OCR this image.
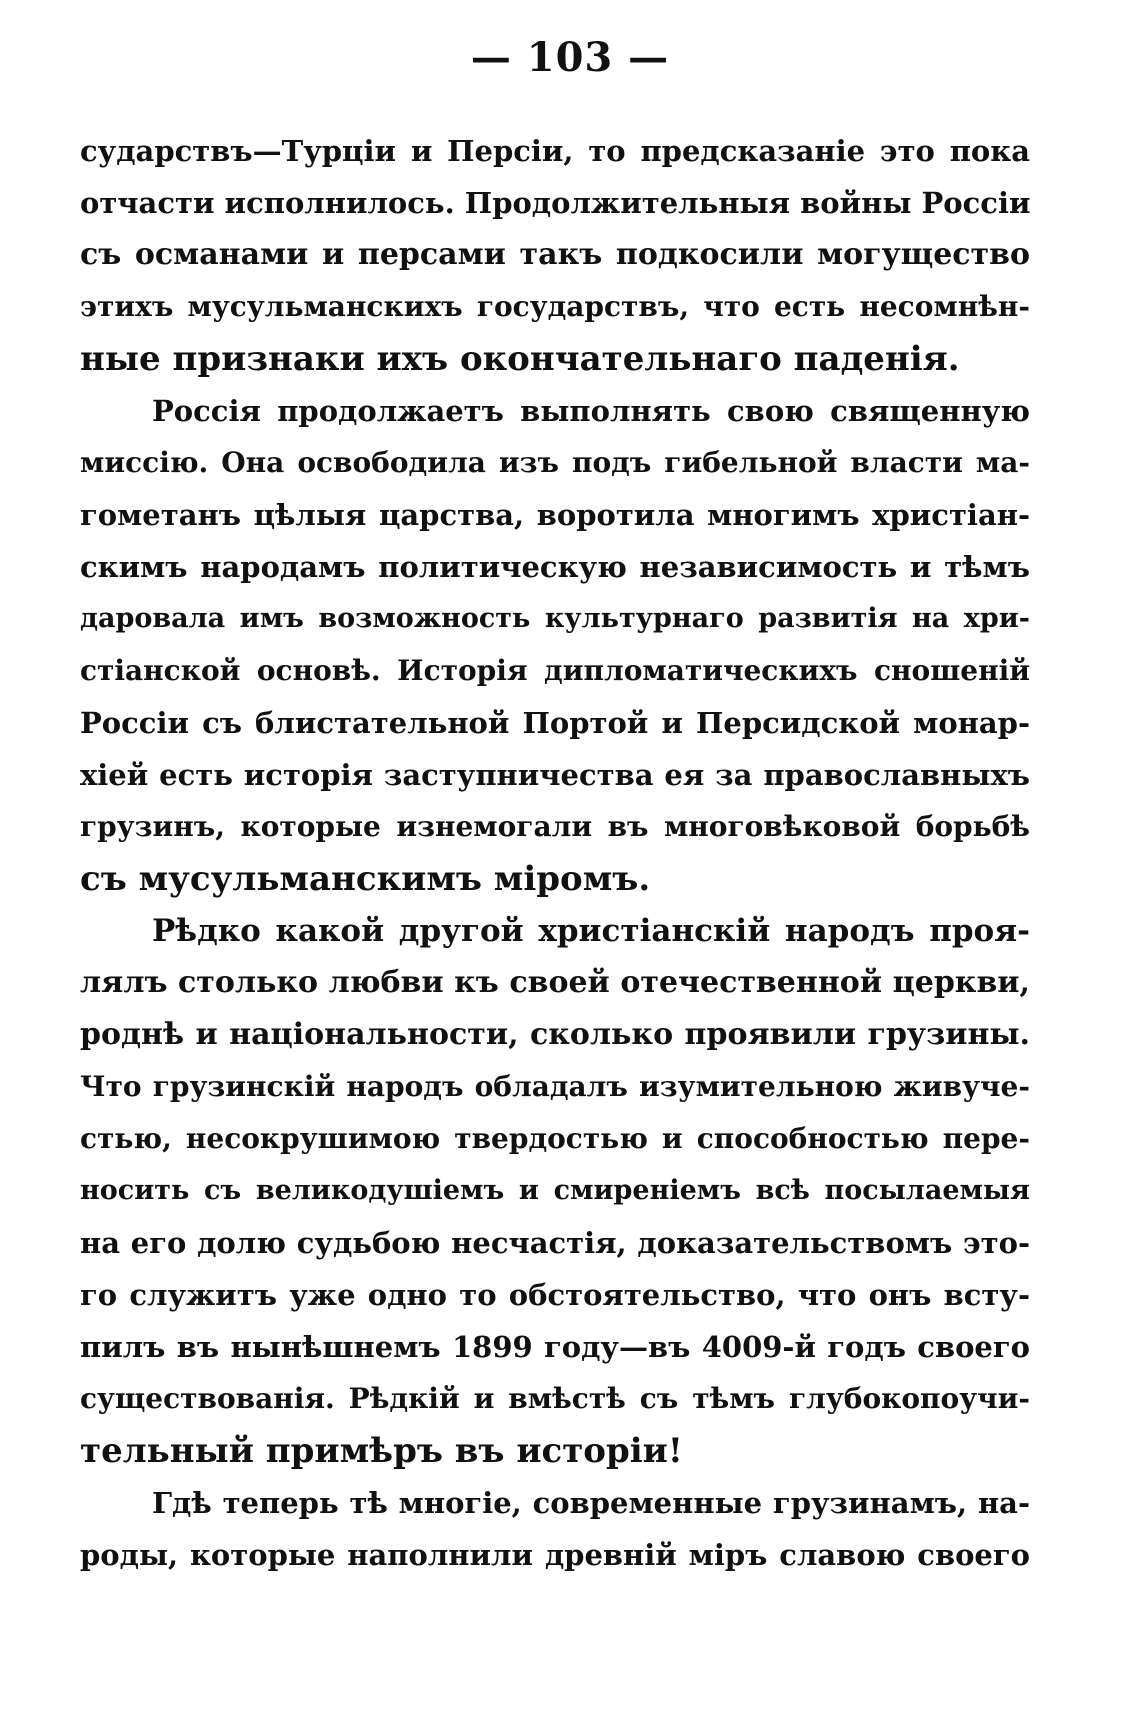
— 103 —
сударствъ—Турціи и Персіи, то предсказаніе это пока
отчасти исполнилось. Продолжительныя войны Россіи
съ османами и персами такъ подкосили могущество
этихъ мусульманскихъ государствъ, что есть несомнѣн-
ные признаки ихъ окончательнаго паденія.
Россія продолжаетъ выполнять свою священную
миссію. Она освободила изъ подъ гибельной власти ма-
гометанъ цѣлыя царства, воротила многимъ христіан-
скимъ народамъ политическую независимость и тѣмъ
даровала имъ возможность культурнаго развитія на хри-
стіанской основѣ. Исторія дипломатическихъ сношеній
Россіи съ блистательной Портой и Персидской монар-
хіей есть исторія заступничества ея за православныхъ
грузинъ, которые изнемогали въ многовѣковой борьбѣ
съ мусульманскимъ міромъ.
Рѣдко какой другой христіанскій народъ проя-
лялъ столько любви къ своей отечественной церкви,
роднѣ и національности, сколько проявили грузины.
Что грузинскій народъ обладалъ изумительною живуче-
стью, несокрушимою твердостью и способностью пере-
носить съ великодушіемъ и смиреніемъ всѣ посылаемыя
на его долю судьбою несчастія, доказательствомъ это-
го служитъ уже одно то обстоятельство, что онъ всту-
пилъ въ нынѣшнемъ 1899 году—въ 4009-й годъ своего
существованія. Рѣдкій и вмѣстѣ съ тѣмъ глубокопоучи-
тельный примѣръ въ исторіи!
Гдѣ теперь тѣ многіе, современные грузинамъ, на-
роды, которые наполнили древній міръ славою своего
